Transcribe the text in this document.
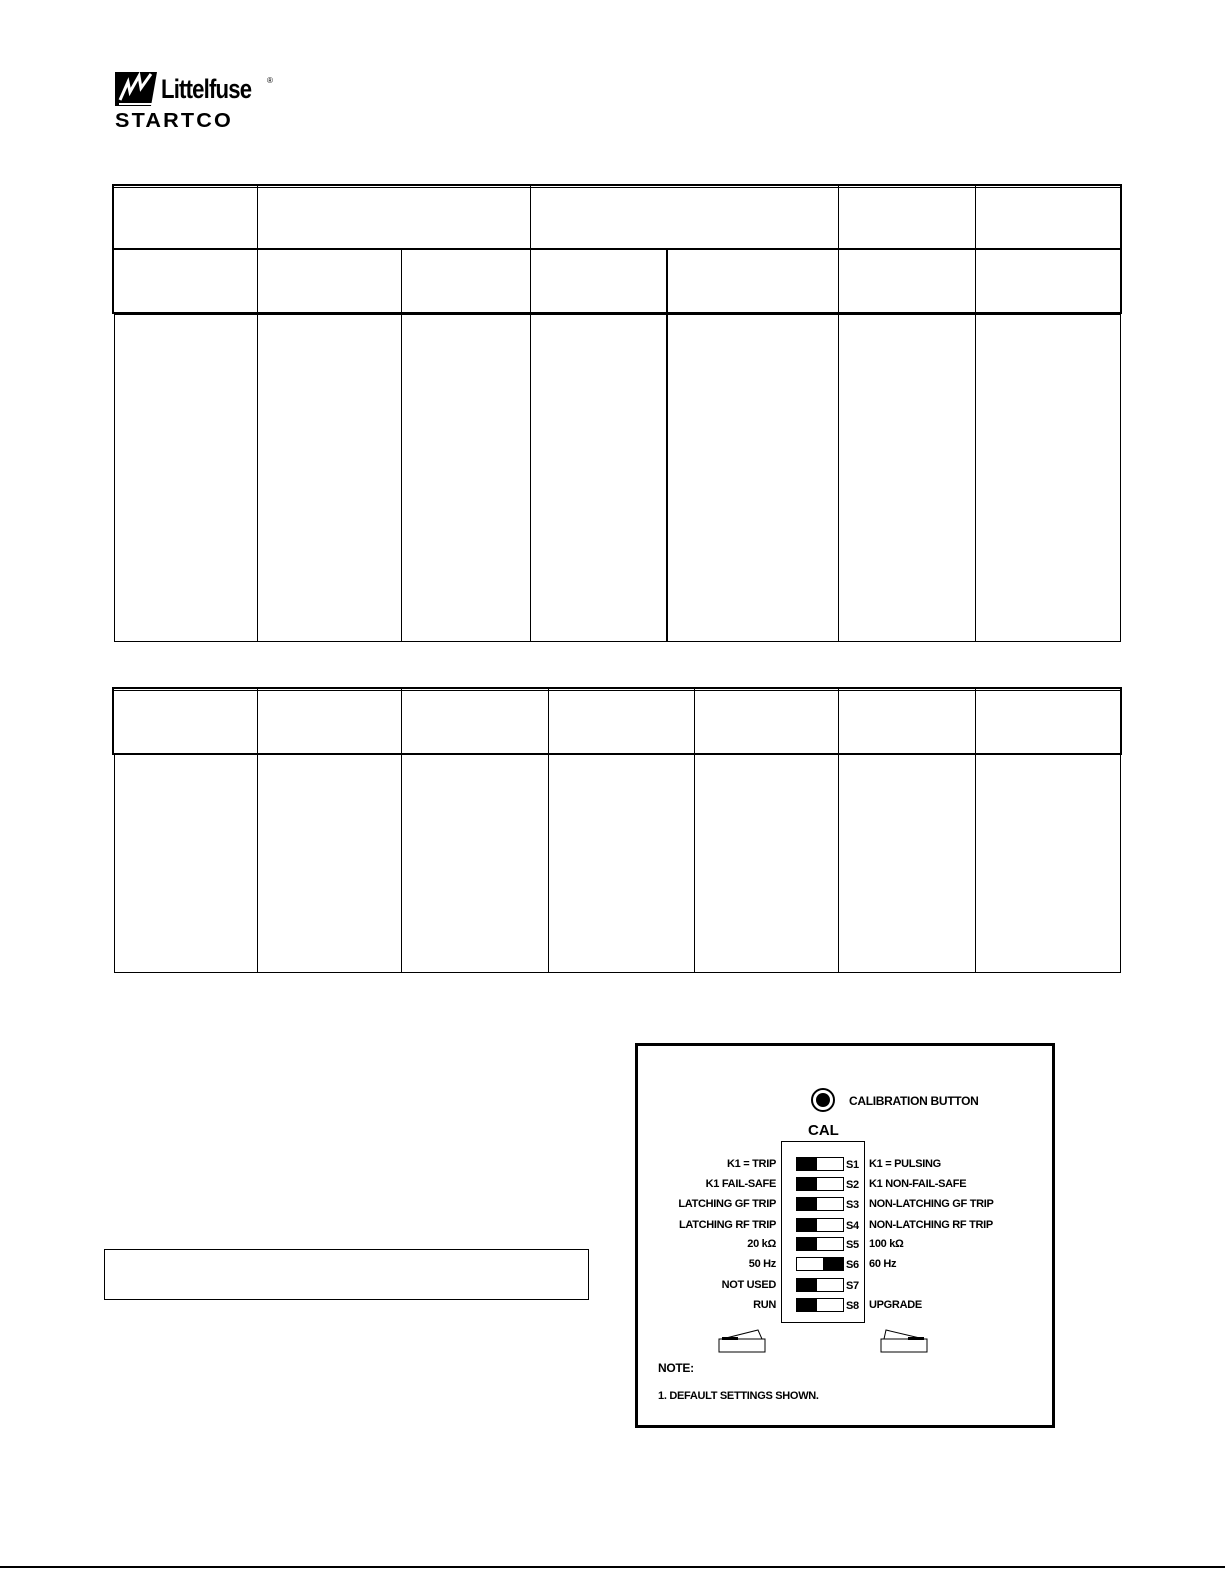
Littelfuse ®
STARTCO
CALIBRATION BUTTON
CAL
K1 = TRIP	S1 K1 = PULSING
K1 FAIL-SAFE	S2 K1 NON-FAIL-SAFE
LATCHING GF TRIP	S3 NON-LATCHING GF TRIP
LATCHING RF TRIP	S4 NON-LATCHING RF TRIP
20 kΩ	S5 100 kΩ
50 Hz	S6 60 Hz
NOT USED	S7
RUN	S8 UPGRADE
NOTE:
1. DEFAULT SETTINGS SHOWN.
